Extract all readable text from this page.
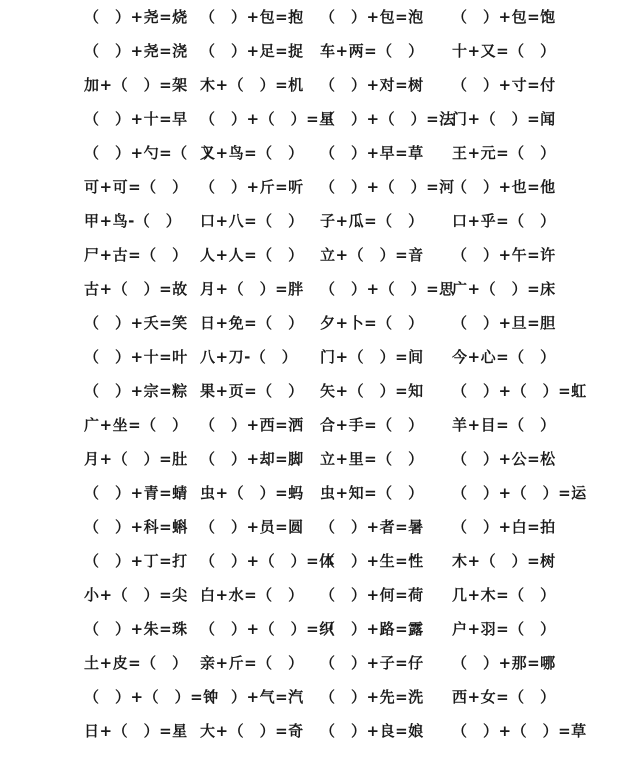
（　）+尧=烧 （　）+包=抱 （　）+包=泡 （　）+包=饱
（　）+尧=浇 （　）+足=捉 车+两=（　） 十+又=（　）
加+（　）=架 木+（　）=机 （　）+对=树 （　）+寸=付
（　）+十=早 （　）+（　）=星
（　）+（　）=法
门+（　）=闻
（　）+勺=（　）
又+鸟=（　） （　）+早=草 王+元=（　）
可+可=（　） （　）+斤=听 （　）+（　）=河
（　）+也=他
甲+鸟-（　） 口+八=（　） 子+瓜=（　） 口+乎=（　）
尸+古=（　） 人+人=（　） 立+（　）=音 （　）+午=许
古+（　）=故 月+（　）=胖 （　）+（　）=思
广+（　）=床
（　）+夭=笑 日+免=（　） 夕+卜=（　） （　）+旦=胆
（　）+十=叶 八+刀-（　） 门+（　）=间 今+心=（　）
（　）+宗=粽 果+页=（　） 矢+（　）=知 （　）+（　）=虹
广+坐=（　） （　）+西=洒 合+手=（　） 羊+目=（　）
月+（　）=肚 （　）+却=脚 立+里=（　） （　）+公=松
（　）+青=蜻 虫+（　）=蚂 虫+知=（　） （　）+（　）=运
（　）+科=蝌 （　）+员=圆 （　）+者=暑 （　）+白=拍
（　）+丁=打 （　）+（　）=体
（　）+生=性 木+（　）=树
小+（　）=尖 白+水=（　） （　）+何=荷 几+木=（　）
（　）+朱=珠 （　）+（　）=织
（　）+路=露 户+羽=（　）
土+皮=（　） 亲+斤=（　） （　）+子=仔 （　）+那=哪
（　）+（　）=钟
（　）+气=汽 （　）+先=洗 西+女=（　）
日+（　）=星 大+（　）=奇 （　）+良=娘 （　）+（　）=草
